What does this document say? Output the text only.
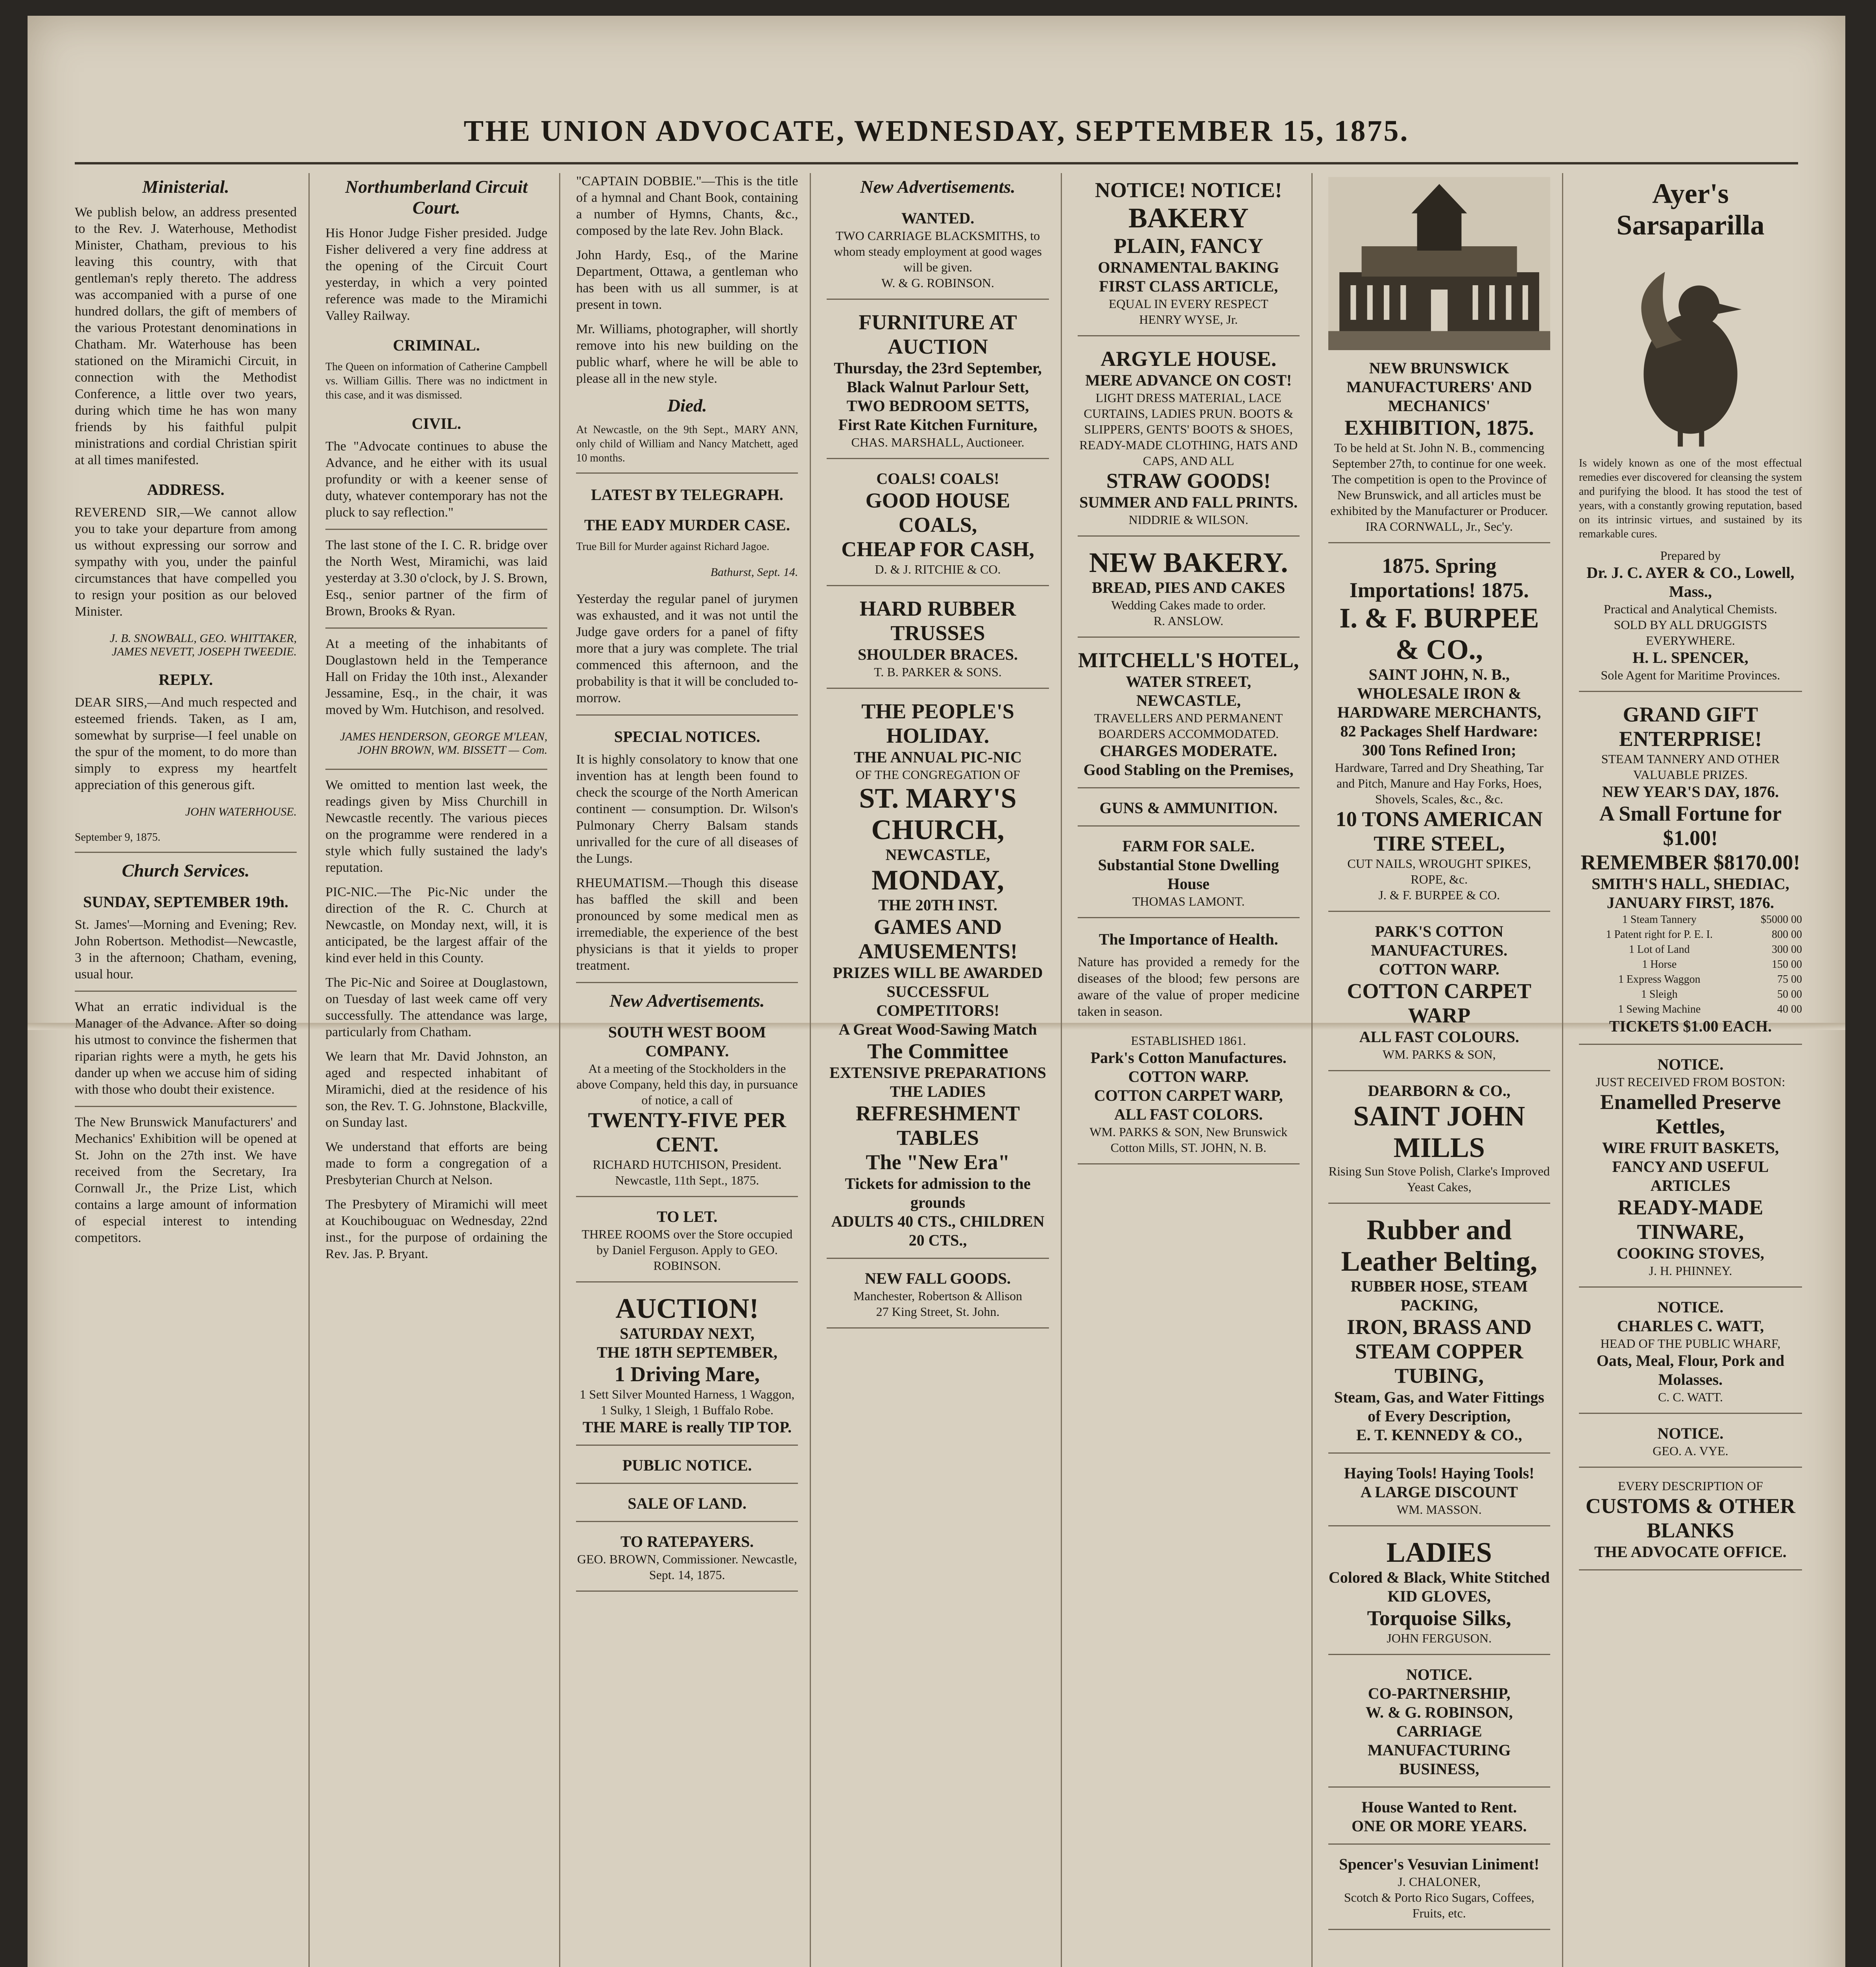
THE UNION ADVOCATE, WEDNESDAY, SEPTEMBER 15, 1875.
Ministerial.

We publish below, an address presented to the Rev. J. Waterhouse, Methodist Minister, Chatham, previous to his leaving this country, with that gentleman's reply thereto. The address was accompanied with a purse of one hundred dollars, the gift of members of the various Protestant denominations in Chatham. Mr. Waterhouse has been stationed on the Miramichi Circuit, in connection with the Methodist Conference, a little over two years, during which time he has won many friends by his faithful pulpit ministrations and cordial Christian spirit at all times manifested.

ADDRESS.

REVEREND SIR,—We cannot allow you to take your departure from among us without expressing our sorrow and sympathy with you, under the painful circumstances that have compelled you to resign your position as our beloved Minister.

J. B. SNOWBALL, GEO. WHITTAKER, JAMES NEVETT, JOSEPH TWEEDIE.

REPLY.

DEAR SIRS,—And much respected and esteemed friends. Taken, as I am, somewhat by surprise—I feel unable on the spur of the moment, to do more than simply to express my heartfelt appreciation of this generous gift.

JOHN WATERHOUSE.

September 9, 1875.

Church Services.
SUNDAY, SEPTEMBER 19th.

St. James'—Morning and Evening; Rev. John Robertson. Methodist—Newcastle, 3 in the afternoon; Chatham, evening, usual hour.

What an erratic individual is the Manager of the Advance. After so doing his utmost to convince the fishermen that riparian rights were a myth, he gets his dander up when we accuse him of siding with those who doubt their existence.

The New Brunswick Manufacturers' and Mechanics' Exhibition will be opened at St. John on the 27th inst. We have received from the Secretary, Ira Cornwall Jr., the Prize List, which contains a large amount of information of especial interest to intending competitors.

Northumberland Circuit Court.

His Honor Judge Fisher presided. Judge Fisher delivered a very fine address at the opening of the Circuit Court yesterday, in which a very pointed reference was made to the Miramichi Valley Railway.

CRIMINAL.

The Queen on information of Catherine Campbell vs. William Gillis. There was no indictment in this case, and it was dismissed.

CIVIL.

The "Advocate continues to abuse the Advance, and he either with its usual profundity or with a keener sense of duty, whatever contemporary has not the pluck to say reflection."

The last stone of the I. C. R. bridge over the North West, Miramichi, was laid yesterday at 3.30 o'clock, by J. S. Brown, Esq., senior partner of the firm of Brown, Brooks & Ryan.

At a meeting of the inhabitants of Douglastown held in the Temperance Hall on Friday the 10th inst., Alexander Jessamine, Esq., in the chair, it was moved by Wm. Hutchison, and resolved.

JAMES HENDERSON, GEORGE M'LEAN, JOHN BROWN, WM. BISSETT — Com.

We omitted to mention last week, the readings given by Miss Churchill in Newcastle recently. The various pieces on the programme were rendered in a style which fully sustained the lady's reputation.

PIC-NIC.—The Pic-Nic under the direction of the R. C. Church at Newcastle, on Monday next, will, it is anticipated, be the largest affair of the kind ever held in this County.

The Pic-Nic and Soiree at Douglastown, on Tuesday of last week came off very successfully. The attendance was large, particularly from Chatham.

We learn that Mr. David Johnston, an aged and respected inhabitant of Miramichi, died at the residence of his son, the Rev. T. G. Johnstone, Blackville, on Sunday last.

We understand that efforts are being made to form a congregation of a Presbyterian Church at Nelson.

The Presbytery of Miramichi will meet at Kouchibouguac on Wednesday, 22nd inst., for the purpose of ordaining the Rev. Jas. P. Bryant.

"CAPTAIN DOBBIE."—This is the title of a hymnal and Chant Book, containing a number of Hymns, Chants, &c., composed by the late Rev. John Black.

John Hardy, Esq., of the Marine Department, Ottawa, a gentleman who has been with us all summer, is at present in town.

Mr. Williams, photographer, will shortly remove into his new building on the public wharf, where he will be able to please all in the new style.

Died.

At Newcastle, on the 9th Sept., MARY ANN, only child of William and Nancy Matchett, aged 10 months.

LATEST BY TELEGRAPH.
THE EADY MURDER CASE.

True Bill for Murder against Richard Jagoe.

Bathurst, Sept. 14.

Yesterday the regular panel of jurymen was exhausted, and it was not until the Judge gave orders for a panel of fifty more that a jury was complete. The trial commenced this afternoon, and the probability is that it will be concluded to-morrow.

SPECIAL NOTICES.

It is highly consolatory to know that one invention has at length been found to check the scourge of the North American continent — consumption. Dr. Wilson's Pulmonary Cherry Balsam stands unrivalled for the cure of all diseases of the Lungs.

RHEUMATISM.—Though this disease has baffled the skill and been pronounced by some medical men as irremediable, the experience of the best physicians is that it yields to proper treatment.

New Advertisements.
SOUTH WEST BOOM COMPANY.
At a meeting of the Stockholders in the above Company, held this day, in pursuance of notice, a call of
TWENTY-FIVE PER CENT.
RICHARD HUTCHISON, President.
Newcastle, 11th Sept., 1875.
TO LET.
THREE ROOMS over the Store occupied by Daniel Ferguson. Apply to GEO. ROBINSON.
AUCTION!
SATURDAY NEXT,
THE 18TH SEPTEMBER,
1 Driving Mare,
1 Sett Silver Mounted Harness, 1 Waggon, 1 Sulky, 1 Sleigh, 1 Buffalo Robe.
THE MARE is really TIP TOP.
PUBLIC NOTICE.
SALE OF LAND.
TO RATEPAYERS.
GEO. BROWN, Commissioner. Newcastle, Sept. 14, 1875.
New Advertisements.
WANTED.
TWO CARRIAGE BLACKSMITHS, to whom steady employment at good wages will be given.
W. & G. ROBINSON.
FURNITURE AT AUCTION
Thursday, the 23rd September,
Black Walnut Parlour Sett,
TWO BEDROOM SETTS,
First Rate Kitchen Furniture,
CHAS. MARSHALL, Auctioneer.
COALS! COALS!
GOOD HOUSE COALS,
CHEAP FOR CASH,
D. & J. RITCHIE & CO.
HARD RUBBER TRUSSES
SHOULDER BRACES.
T. B. PARKER & SONS.
THE PEOPLE'S HOLIDAY.
THE ANNUAL PIC-NIC
OF THE CONGREGATION OF
ST. MARY'S CHURCH,
NEWCASTLE,
MONDAY,
THE 20TH INST.
GAMES AND AMUSEMENTS!
PRIZES WILL BE AWARDED
SUCCESSFUL COMPETITORS!
A Great Wood-Sawing Match
The Committee
EXTENSIVE PREPARATIONS
THE LADIES
REFRESHMENT TABLES
The "New Era"
Tickets for admission to the grounds
ADULTS 40 CTS., CHILDREN 20 CTS.,
NEW FALL GOODS.
Manchester, Robertson & Allison
27 King Street, St. John.
NOTICE! NOTICE!
BAKERY
PLAIN, FANCY
ORNAMENTAL BAKING
FIRST CLASS ARTICLE,
EQUAL IN EVERY RESPECT
HENRY WYSE, Jr.
ARGYLE HOUSE.
MERE ADVANCE ON COST!
LIGHT DRESS MATERIAL, LACE CURTAINS, LADIES PRUN. BOOTS & SLIPPERS, GENTS' BOOTS & SHOES, READY-MADE CLOTHING, HATS AND CAPS, AND ALL
STRAW GOODS!
SUMMER AND FALL PRINTS.
NIDDRIE & WILSON.
NEW BAKERY.
BREAD, PIES AND CAKES
Wedding Cakes made to order.
R. ANSLOW.
MITCHELL'S HOTEL,
WATER STREET, NEWCASTLE,
TRAVELLERS AND PERMANENT BOARDERS ACCOMMODATED.
CHARGES MODERATE.
Good Stabling on the Premises,
GUNS & AMMUNITION.
FARM FOR SALE.
Substantial Stone Dwelling House
THOMAS LAMONT.
The Importance of Health.

Nature has provided a remedy for the diseases of the blood; few persons are aware of the value of proper medicine taken in season.

ESTABLISHED 1861.
Park's Cotton Manufactures.
COTTON WARP.
COTTON CARPET WARP,
ALL FAST COLORS.
WM. PARKS & SON, New Brunswick Cotton Mills, ST. JOHN, N. B.
NEW BRUNSWICK MANUFACTURERS' AND MECHANICS'
EXHIBITION, 1875.
To be held at St. John N. B., commencing September 27th, to continue for one week.
The competition is open to the Province of New Brunswick, and all articles must be exhibited by the Manufacturer or Producer.
IRA CORNWALL, Jr., Sec'y.
1875. Spring Importations! 1875.
I. & F. BURPEE & CO.,
SAINT JOHN, N. B.,
WHOLESALE IRON & HARDWARE MERCHANTS,
82 Packages Shelf Hardware:
300 Tons Refined Iron;
Hardware, Tarred and Dry Sheathing, Tar and Pitch, Manure and Hay Forks, Hoes, Shovels, Scales, &c., &c.
10 TONS AMERICAN TIRE STEEL,
CUT NAILS, WROUGHT SPIKES, ROPE, &c.
J. & F. BURPEE & CO.
PARK'S COTTON MANUFACTURES.
COTTON WARP.
COTTON CARPET WARP
ALL FAST COLOURS.
WM. PARKS & SON,
DEARBORN & CO.,
SAINT JOHN MILLS
Rising Sun Stove Polish, Clarke's Improved Yeast Cakes,
Rubber and Leather Belting,
RUBBER HOSE, STEAM PACKING,
IRON, BRASS AND STEAM COPPER TUBING,
Steam, Gas, and Water Fittings of Every Description,
E. T. KENNEDY & CO.,
Haying Tools! Haying Tools!
A LARGE DISCOUNT
WM. MASSON.
LADIES
Colored & Black, White Stitched KID GLOVES,
Torquoise Silks,
JOHN FERGUSON.
NOTICE.
CO-PARTNERSHIP,
W. & G. ROBINSON,
CARRIAGE MANUFACTURING BUSINESS,
House Wanted to Rent.
ONE OR MORE YEARS.
Spencer's Vesuvian Liniment!
J. CHALONER,
Scotch & Porto Rico Sugars, Coffees, Fruits, etc.
Ayer's
Sarsaparilla

Is widely known as one of the most effectual remedies ever discovered for cleansing the system and purifying the blood. It has stood the test of years, with a constantly growing reputation, based on its intrinsic virtues, and sustained by its remarkable cures.

Prepared by
Dr. J. C. AYER & CO., Lowell, Mass.,
Practical and Analytical Chemists.
SOLD BY ALL DRUGGISTS EVERYWHERE.
H. L. SPENCER,
Sole Agent for Maritime Provinces.
GRAND GIFT ENTERPRISE!
STEAM TANNERY AND OTHER VALUABLE PRIZES.
NEW YEAR'S DAY, 1876.
A Small Fortune for $1.00!
REMEMBER $8170.00!
SMITH'S HALL, SHEDIAC,
JANUARY FIRST, 1876.
1 Steam Tannery	$5000 00
1 Patent right for P. E. I.	800 00
1 Lot of Land	300 00
1 Horse	150 00
1 Express Waggon	75 00
1 Sleigh	50 00
1 Sewing Machine	40 00
TICKETS $1.00 EACH.
NOTICE.
JUST RECEIVED FROM BOSTON:
Enamelled Preserve Kettles,
WIRE FRUIT BASKETS,
FANCY AND USEFUL ARTICLES
READY-MADE TINWARE,
COOKING STOVES,
J. H. PHINNEY.
NOTICE.
CHARLES C. WATT,
HEAD OF THE PUBLIC WHARF,
Oats, Meal, Flour, Pork and Molasses.
C. C. WATT.
NOTICE.
GEO. A. VYE.
EVERY DESCRIPTION OF
CUSTOMS & OTHER BLANKS
THE ADVOCATE OFFICE.
